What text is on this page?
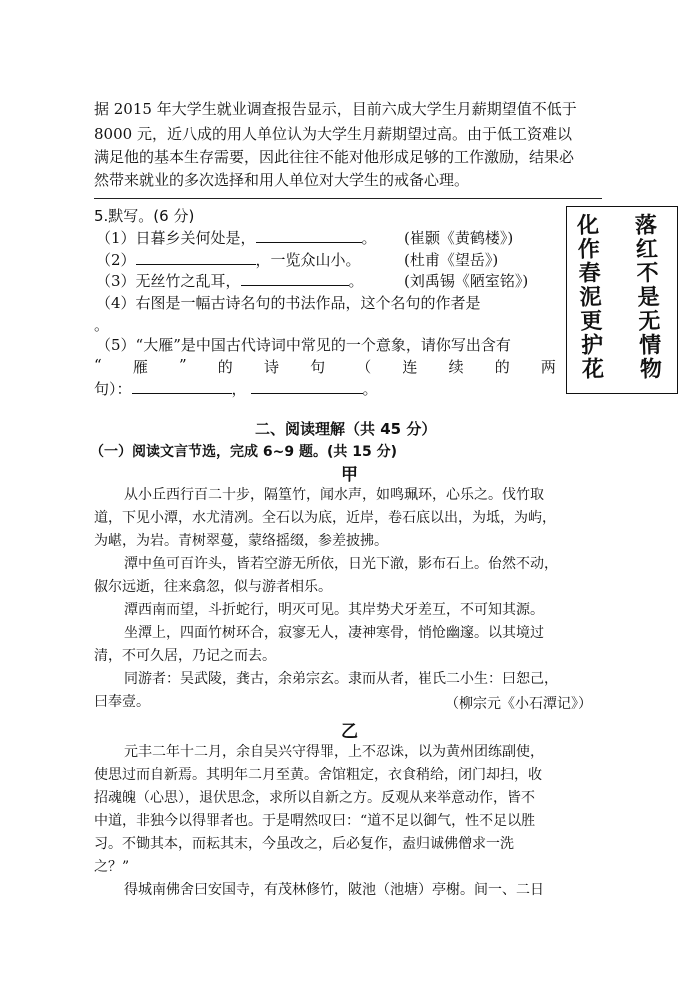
据 2015 年大学生就业调查报告显示，目前六成大学生月薪期望值不低于
8000 元，近八成的用人单位认为大学生月薪期望过高。由于低工资难以
满足他的基本生存需要，因此往往不能对他形成足够的工作激励，结果必
然带来就业的多次选择和用人单位对大学生的戒备心理。
5.默写。(6 分)
（1）日暮乡关何处是，	。 (崔颢《黄鹤楼》)
（2）	，一览众山小。	(杜甫《望岳》)
（3）无丝竹之乱耳，	。	(刘禹锡《陋室铭》)
（4）右图是一幅古诗名句的书法作品，这个名句的作者是
。
（5）“大雁”是中国古代诗词中常见的一个意象，请你写出含有
“ 雁 ” 的 诗 句 （ 连 续 的 两
句）：	，	。
化作春泥更护花 落红不是无情物
二、阅读理解（共 45 分）
（一）阅读文言节选，完成 6~9 题。(共 15 分)
甲
从小丘西行百二十步，隔篁竹，闻水声，如鸣珮环，心乐之。伐竹取
道，下见小潭，水尤清冽。全石以为底，近岸，卷石底以出，为坻，为屿，
为嵁，为岩。青树翠蔓，蒙络摇缀，参差披拂。
潭中鱼可百许头，皆若空游无所依，日光下澈，影布石上。佁然不动，
俶尔远逝，往来翕忽，似与游者相乐。
潭西南而望，斗折蛇行，明灭可见。其岸势犬牙差互，不可知其源。
坐潭上，四面竹树环合，寂寥无人，凄神寒骨，悄怆幽邃。以其境过
清，不可久居，乃记之而去。
同游者：吴武陵，龚古，余弟宗玄。隶而从者，崔氏二小生：曰恕己，
曰奉壹。	（柳宗元《小石潭记》）
乙
元丰二年十二月，余自吴兴守得罪，上不忍诛，以为黄州团练副使，
使思过而自新焉。其明年二月至黄。舍馆粗定，衣食稍给，闭门却扫，收
招魂魄（心思），退伏思念，求所以自新之方。反观从来举意动作，皆不
中道，非独今以得罪者也。于是喟然叹曰：“道不足以御气，性不足以胜
习。不锄其本，而耘其末，今虽改之，后必复作，盍归诚佛僧求一洗
之？”
得城南佛舍曰安国寺，有茂林修竹，陂池（池塘）亭榭。间一、二日
